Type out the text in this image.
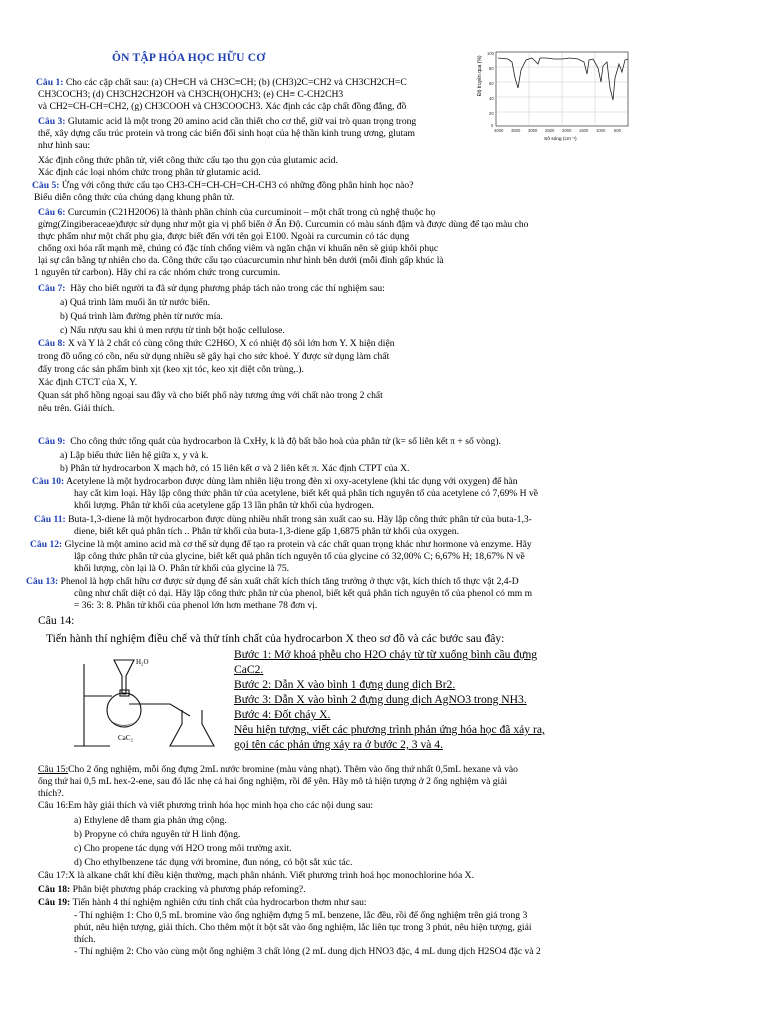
Độ truyền qua (%)
100
80
60
40
20
0
4000 3500 3000 2500 2000 1500 1000 500
Số sóng (cm⁻¹)
ÔN TẬP HÓA HỌC HỮU CƠ
Câu 1: Cho các cặp chất sau: (a) CH≡CH và CH3C≡CH; (b) (CH3)2C=CH2 và CH3CH2CH=C
CH3COCH3; (d) CH3CH2CH2OH và CH3CH(OH)CH3; (e) CH≡ C-CH2CH3
và CH2=CH-CH=CH2, (g) CH3COOH và CH3COOCH3. Xác định các cặp chất đồng đẳng, đồ
Câu 3: Glutamic acid là một trong 20 amino acid cần thiết cho cơ thể, giữ vai trò quan trọng trong
thể, xây dựng cấu trúc protein và trong các biến đổi sinh hoạt của hệ thần kinh trung ương, glutam
như hình sau:
Xác định công thức phân tử, viết công thức cấu tạo thu gọn của glutamic acid.
Xác định các loại nhóm chức trong phân tử glutamic acid.
Câu 5: Ứng với công thức cấu tạo CH3-CH=CH-CH=CH-CH3 có những đồng phân hình học nào?
Biểu diễn công thức của chúng dạng khung phân tử.
Câu 6: Curcumin (C21H20O6) là thành phần chính của curcuminoit – một chất trong củ nghệ thuộc họ
gừng(Zingiberaceae)được sử dụng như một gia vị phổ biến ở Ấn Độ. Curcumin có màu sánh đậm và được dùng để tạo màu cho
thực phẩm như một chất phụ gia, được biết đến với tên gọi E100. Ngoài ra curcumin có tác dụng
chống oxi hóa rất mạnh mẽ, chúng có đặc tính chống viêm và ngăn chặn vi khuẩn nên sẽ giúp khôi phục
lại sự cân bằng tự nhiên cho da. Công thức cấu tạo củacurcumin như hình bên dưới (mỗi đỉnh gấp khúc là
1 nguyên tử carbon). Hãy chỉ ra các nhóm chức trong curcumin.
Câu 7: Hãy cho biết người ta đã sử dụng phương pháp tách nào trong các thí nghiệm sau:
a) Quá trình làm muối ăn từ nước biển.
b) Quá trình làm đường phèn từ nước mía.
c) Nấu rượu sau khi ủ men rượu từ tinh bột hoặc cellulose.
Câu 8: X và Y là 2 chất có cùng công thức C2H6O, X có nhiệt độ sôi lớn hơn Y. X hiện diện
trong đồ uống có cồn, nếu sử dụng nhiều sẽ gây hại cho sức khoẻ. Y được sử dụng làm chất
đẩy trong các sản phẩm bình xịt (keo xịt tóc, keo xịt diệt côn trùng,.).
Xác định CTCT của X, Y.
Quan sát phổ hồng ngoại sau đây và cho biết phổ này tương ứng với chất nào trong 2 chất
nêu trên. Giải thích.
Câu 9: Cho công thức tổng quát của hydrocarbon là CxHy, k là độ bất bão hoà của phân tử (k= số liên kết π + số vòng).
a) Lập biểu thức liên hệ giữa x, y và k.
b) Phân tử hydrocarbon X mạch hở, có 15 liên kết σ và 2 liên kết π. Xác định CTPT của X.
Câu 10: Acetylene là một hydrocarbon được dùng làm nhiên liệu trong đèn xì oxy-acetylene (khi tác dụng với oxygen) để hàn
hay cắt kim loại. Hãy lập công thức phân tử của acetylene, biết kết quả phân tích nguyên tố của acetylene có 7,69% H về
khối lượng. Phân tử khối của acetylene gấp 13 lần phân tử khối của hydrogen.
Câu 11: Buta-1,3-diene là một hydrocarbon được dùng nhiều nhất trong sản xuất cao su. Hãy lập công thức phân tử của buta-1,3-
diene, biết kết quả phân tích .. Phân tử khối của buta-1,3-diene gấp 1,6875 phân tử khối của oxygen.
Câu 12: Glycine là một amino acid mà cơ thể sử dụng để tạo ra protein và các chất quan trọng khác như hormone và enzyme. Hãy
lập công thức phân tử của glycine, biết kết quả phân tích nguyên tố của glycine có 32,00% C; 6,67% H; 18,67% N về
khối lượng, còn lại là O. Phân tử khối của glycine là 75.
Câu 13: Phenol là hợp chất hữu cơ được sử dụng để sản xuất chất kích thích tăng trưởng ở thực vật, kích thích tố thực vật 2,4-D
cũng như chất diệt cỏ dại. Hãy lập công thức phân tử của phenol, biết kết quả phân tích nguyên tố của phenol có mm m
= 36: 3: 8. Phân tử khối của phenol lớn hơn methane 78 đơn vị.
Câu 14:
Tiến hành thí nghiệm điều chế và thử tính chất của hydrocarbon X theo sơ đồ và các bước sau đây:
H₂O
CaC₂
Bước 1: Mở khoá phễu cho H2O chảy từ từ xuống bình cầu đựng
CaC2.
Bước 2: Dẫn X vào bình 1 đựng dung dịch Br2.
Bước 3: Dẫn X vào bình 2 đựng dung dịch AgNO3 trong NH3.
Bước 4: Đốt cháy X.
Nêu hiện tượng, viết các phương trình phản ứng hóa học đã xảy ra,
gọi tên các phản ứng xảy ra ở bước 2, 3 và 4.
Câu 15:Cho 2 ống nghiệm, mỗi ống đựng 2mL nước bromine (màu vàng nhạt). Thêm vào ống thứ nhất 0,5mL hexane và vào
ống thứ hai 0,5 mL hex-2-ene, sau đó lắc nhẹ cả hai ống nghiệm, rồi để yên. Hãy mô tả hiện tượng ở 2 ống nghiệm và giải
thích?.
Câu 16:Em hãy giải thích và viết phương trình hóa học minh họa cho các nội dung sau:
a) Ethylene dễ tham gia phản ứng cộng.
b) Propyne có chứa nguyên tử H linh động.
c) Cho propene tác dụng với H2O trong môi trường axit.
d) Cho ethylbenzene tác dụng với bromine, đun nóng, có bột sắt xúc tác.
Câu 17:X là alkane chất khí điều kiện thường, mạch phân nhánh. Viết phương trình hoá học monochlorine hóa X.
Câu 18: Phân biệt phương pháp cracking và phương pháp refoming?.
Câu 19: Tiến hành 4 thí nghiệm nghiên cứu tính chất của hydrocarbon thơm như sau:
- Thí nghiệm 1: Cho 0,5 mL bromine vào ống nghiệm đựng 5 mL benzene, lắc đều, rồi để ống nghiệm trên giá trong 3
phút, nêu hiện tượng, giải thích. Cho thêm một ít bột sắt vào ống nghiệm, lắc liên tục trong 3 phút, nêu hiện tượng, giải
thích.
- Thí nghiệm 2: Cho vào cùng một ống nghiệm 3 chất lỏng (2 mL dung dịch HNO3 đặc, 4 mL dung dịch H2SO4 đặc và 2
